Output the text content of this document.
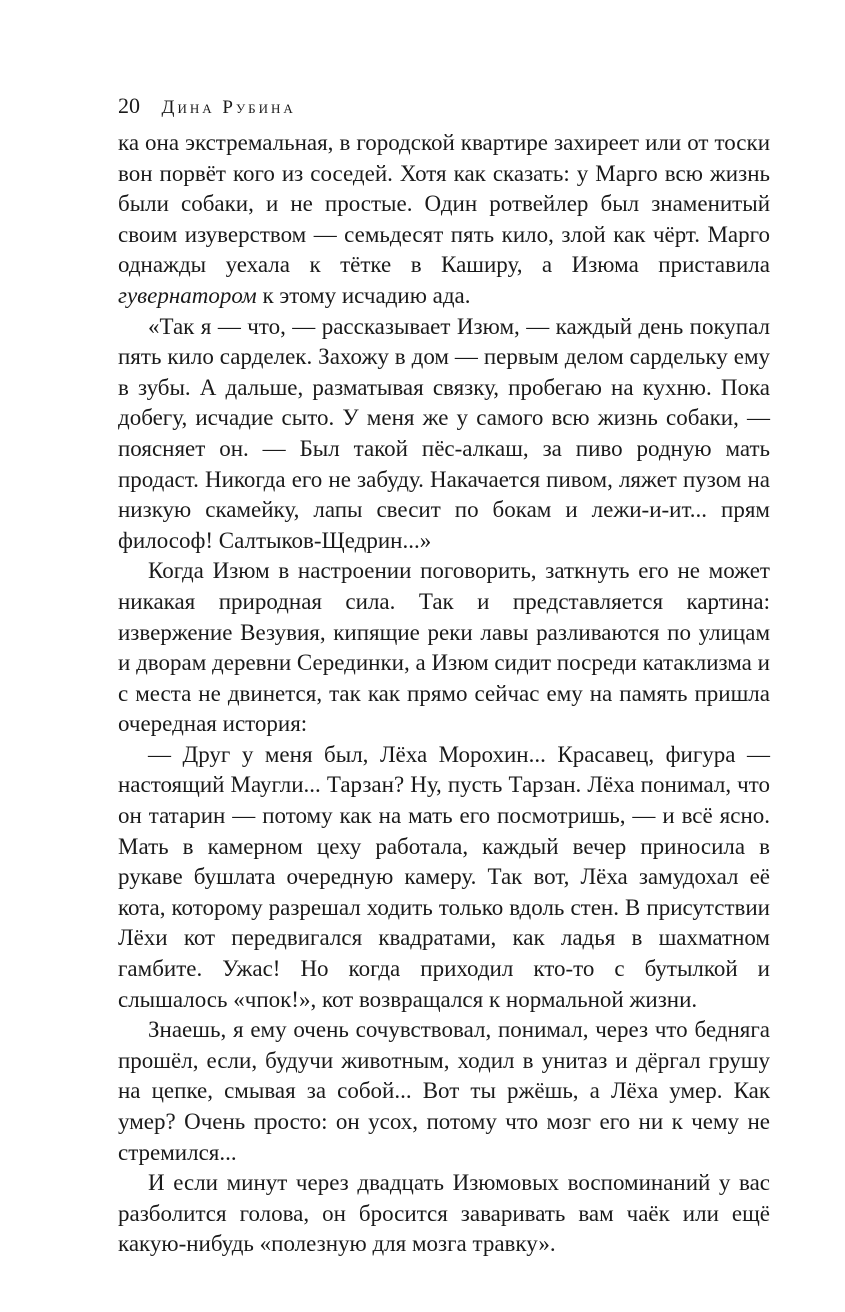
20 Дина Рубина

ка она экстремальная, в городской квартире захиреет или от тоски вон порвёт кого из соседей. Хотя как сказать: у Марго всю жизнь были собаки, и не простые. Один ротвейлер был знаменитый своим изуверством — семьдесят пять кило, злой как чёрт. Марго однажды уехала к тётке в Каширу, а Изюма приставила гувернатором к этому исчадию ада.

«Так я — что, — рассказывает Изюм, — каждый день покупал пять кило сарделек. Захожу в дом — первым делом сардельку ему в зубы. А дальше, разматывая связку, пробегаю на кухню. Пока добегу, исчадие сыто. У меня же у самого всю жизнь собаки, — поясняет он. — Был такой пёс-алкаш, за пиво родную мать продаст. Никогда его не забуду. Накачается пивом, ляжет пузом на низкую скамейку, лапы свесит по бокам и лежи-и-ит... прям философ! Салтыков-Щедрин...»

Когда Изюм в настроении поговорить, заткнуть его не может никакая природная сила. Так и представляется картина: извержение Везувия, кипящие реки лавы разливаются по улицам и дворам деревни Серединки, а Изюм сидит посреди катаклизма и с места не двинется, так как прямо сейчас ему на память пришла очередная история:

— Друг у меня был, Лёха Морохин... Красавец, фигура — настоящий Маугли... Тарзан? Ну, пусть Тарзан. Лёха понимал, что он татарин — потому как на мать его посмотришь, — и всё ясно. Мать в камерном цеху работала, каждый вечер приносила в рукаве бушлата очередную камеру. Так вот, Лёха замудохал её кота, которому разрешал ходить только вдоль стен. В присутствии Лёхи кот передвигался квадратами, как ладья в шахматном гамбите. Ужас! Но когда приходил кто-то с бутылкой и слышалось «чпок!», кот возвращался к нормальной жизни.

Знаешь, я ему очень сочувствовал, понимал, через что бедняга прошёл, если, будучи животным, ходил в унитаз и дёргал грушу на цепке, смывая за собой... Вот ты ржёшь, а Лёха умер. Как умер? Очень просто: он усох, потому что мозг его ни к чему не стремился...

И если минут через двадцать Изюмовых воспоминаний у вас разболится голова, он бросится заваривать вам чаёк или ещё какую-нибудь «полезную для мозга травку».
